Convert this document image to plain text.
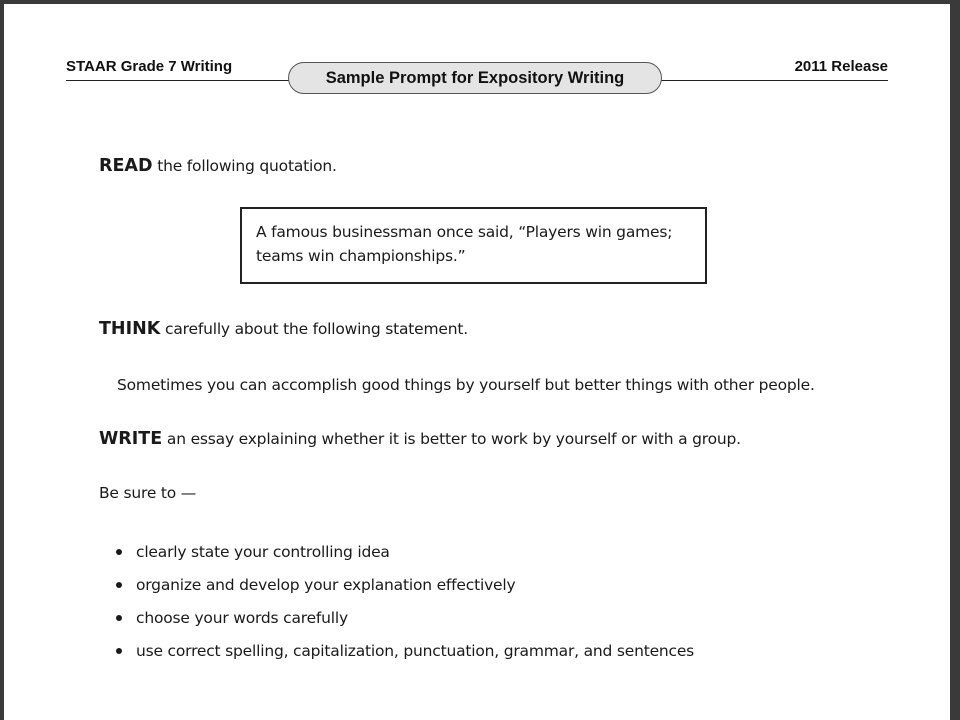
STAAR Grade 7 Writing	2011 Release
Sample Prompt for Expository Writing
READ the following quotation.
A famous businessman once said, “Players win games;
teams win championships.”
THINK carefully about the following statement.
Sometimes you can accomplish good things by yourself but better things with other people.
WRITE an essay explaining whether it is better to work by yourself or with a group.
Be sure to —
clearly state your controlling idea
organize and develop your explanation effectively
choose your words carefully
use correct spelling, capitalization, punctuation, grammar, and sentences
